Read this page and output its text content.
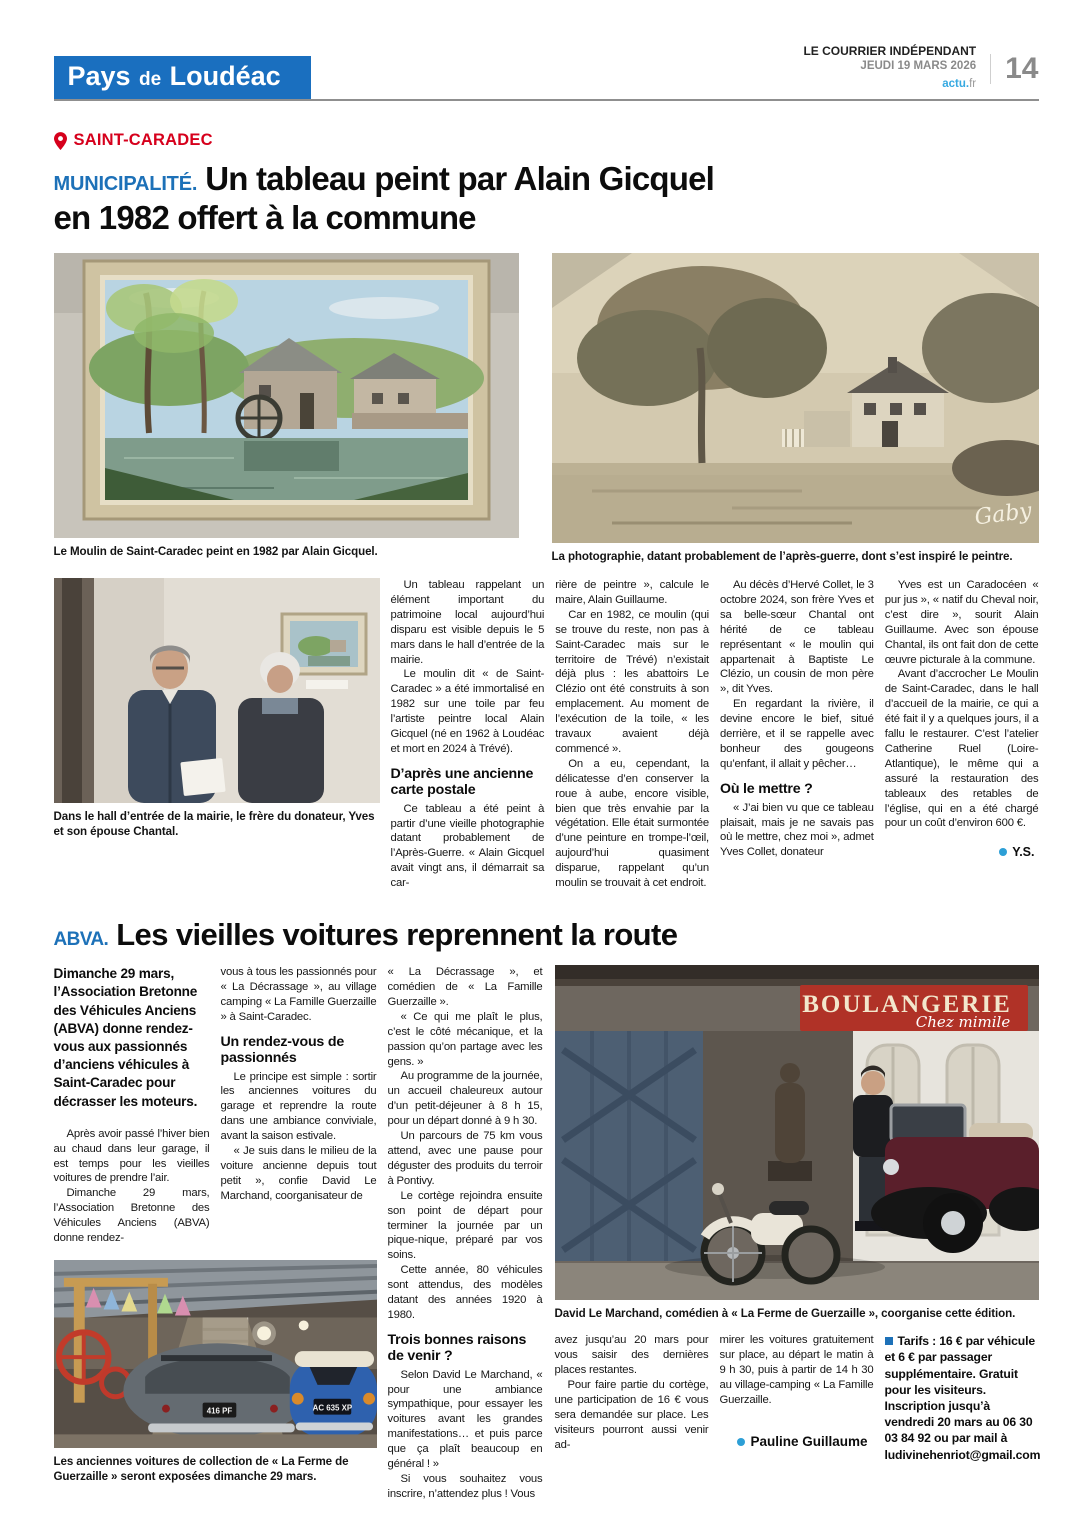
Pays de Loudéac
LE COURRIER INDÉPENDANT
JEUDI 19 MARS 2026
actu.fr 14
SAINT-CARADEC
MUNICIPALITÉ. Un tableau peint par Alain Gicquel
en 1982 offert à la commune
Le Moulin de Saint-Caradec peint en 1982 par Alain Gicquel.
Gaby
La photographie, datant probablement de l’après-guerre, dont s’est inspiré le peintre.
Dans le hall d’entrée de la mairie, le frère du donateur, Yves et son épouse Chantal.

Un tableau rappelant un élément important du patrimoine local aujourd’hui disparu est visible depuis le 5 mars dans le hall d’entrée de la mairie.

Le moulin dit « de Saint-Caradec » a été immortalisé en 1982 sur une toile par feu l’artiste peintre local Alain Gicquel (né en 1962 à Loudéac et mort en 2024 à Trévé).

D’après une ancienne carte postale

Ce tableau a été peint à partir d’une vieille photographie datant probablement de l’Après-Guerre. « Alain Gicquel avait vingt ans, il démarrait sa car-

rière de peintre », calcule le maire, Alain Guillaume.

Car en 1982, ce moulin (qui se trouve du reste, non pas à Saint-Caradec mais sur le territoire de Trévé) n’existait déjà plus : les abattoirs Le Clézio ont été construits à son emplacement. Au moment de l’exécution de la toile, « les travaux avaient déjà commencé ».

On a eu, cependant, la délicatesse d’en conserver la roue à aube, encore visible, bien que très envahie par la végétation. Elle était surmontée d’une peinture en trompe-l’œil, aujourd’hui quasiment disparue, rappelant qu’un moulin se trouvait à cet endroit.

Au décès d’Hervé Collet, le 3 octobre 2024, son frère Yves et sa belle-sœur Chantal ont hérité de ce tableau représentant « le moulin qui appartenait à Baptiste Le Clézio, un cousin de mon père », dit Yves.

En regardant la rivière, il devine encore le bief, situé derrière, et il se rappelle avec bonheur des gougeons qu’enfant, il allait y pêcher…

Où le mettre ?

« J’ai bien vu que ce tableau plaisait, mais je ne savais pas où le mettre, chez moi », admet Yves Collet, donateur

Yves est un Caradocéen « pur jus », « natif du Cheval noir, c’est dire », sourit Alain Guillaume. Avec son épouse Chantal, ils ont fait don de cette œuvre picturale à la commune.

Avant d’accrocher Le Moulin de Saint-Caradec, dans le hall d’accueil de la mairie, ce qui a été fait il y a quelques jours, il a fallu le restaurer. C’est l’atelier Catherine Ruel (Loire-Atlantique), le même qui a assuré la restauration des tableaux des retables de l’église, qui en a été chargé pour un coût d’environ 600 €.

Y.S.
ABVA. Les vieilles voitures reprennent la route

Dimanche 29 mars, l’Association Bretonne des Véhicules Anciens (ABVA) donne rendez-vous aux passionnés d’anciens véhicules à Saint-Caradec pour décrasser les moteurs.

Après avoir passé l’hiver bien au chaud dans leur garage, il est temps pour les vieilles voitures de prendre l’air.

Dimanche 29 mars, l’Association Bretonne des Véhicules Anciens (ABVA) donne rendez-

vous à tous les passionnés pour « La Décrassage », au village camping « La Famille Guerzaille » à Saint-Caradec.

Un rendez-vous de passionnés

Le principe est simple : sortir les anciennes voitures du garage et reprendre la route dans une ambiance conviviale, avant la saison estivale.

« Je suis dans le milieu de la voiture ancienne depuis tout petit », confie David Le Marchand, coorganisateur de

416 PF	AC 635 XP
Les anciennes voitures de collection de « La Ferme de Guerzaille » seront exposées dimanche 29 mars.

« La Décrassage », et comédien de « La Famille Guerzaille ».

« Ce qui me plaît le plus, c’est le côté mécanique, et la passion qu’on partage avec les gens. »

Au programme de la journée, un accueil chaleureux autour d’un petit-déjeuner à 8 h 15, pour un départ donné à 9 h 30.

Un parcours de 75 km vous attend, avec une pause pour déguster des produits du terroir à Pontivy.

Le cortège rejoindra ensuite son point de départ pour terminer la journée par un pique-nique, préparé par vos soins.

Cette année, 80 véhicules sont attendus, des modèles datant des années 1920 à 1980.

Trois bonnes raisons de venir ?

Selon David Le Marchand, « pour une ambiance sympathique, pour essayer les voitures avant les grandes manifestations… et puis parce que ça plaît beaucoup en général ! »

Si vous souhaitez vous inscrire, n’attendez plus ! Vous

BOULANGERIE
Chez mimile
David Le Marchand, comédien à « La Ferme de Guerzaille », coorganise cette édition.

avez jusqu’au 20 mars pour vous saisir des dernières places restantes.

Pour faire partie du cortège, une participation de 16 € vous sera demandée sur place. Les visiteurs pourront aussi venir ad-

mirer les voitures gratuitement sur place, au départ le matin à 9 h 30, puis à partir de 14 h 30 au village-camping « La Famille Guerzaille.

Pauline Guillaume
Tarifs : 16 € par véhicule et 6 € par passager supplémentaire. Gratuit pour les visiteurs. Inscription jusqu’à vendredi 20 mars au 06 30 03 84 92 ou par mail à ludivinehenriot@gmail.com
